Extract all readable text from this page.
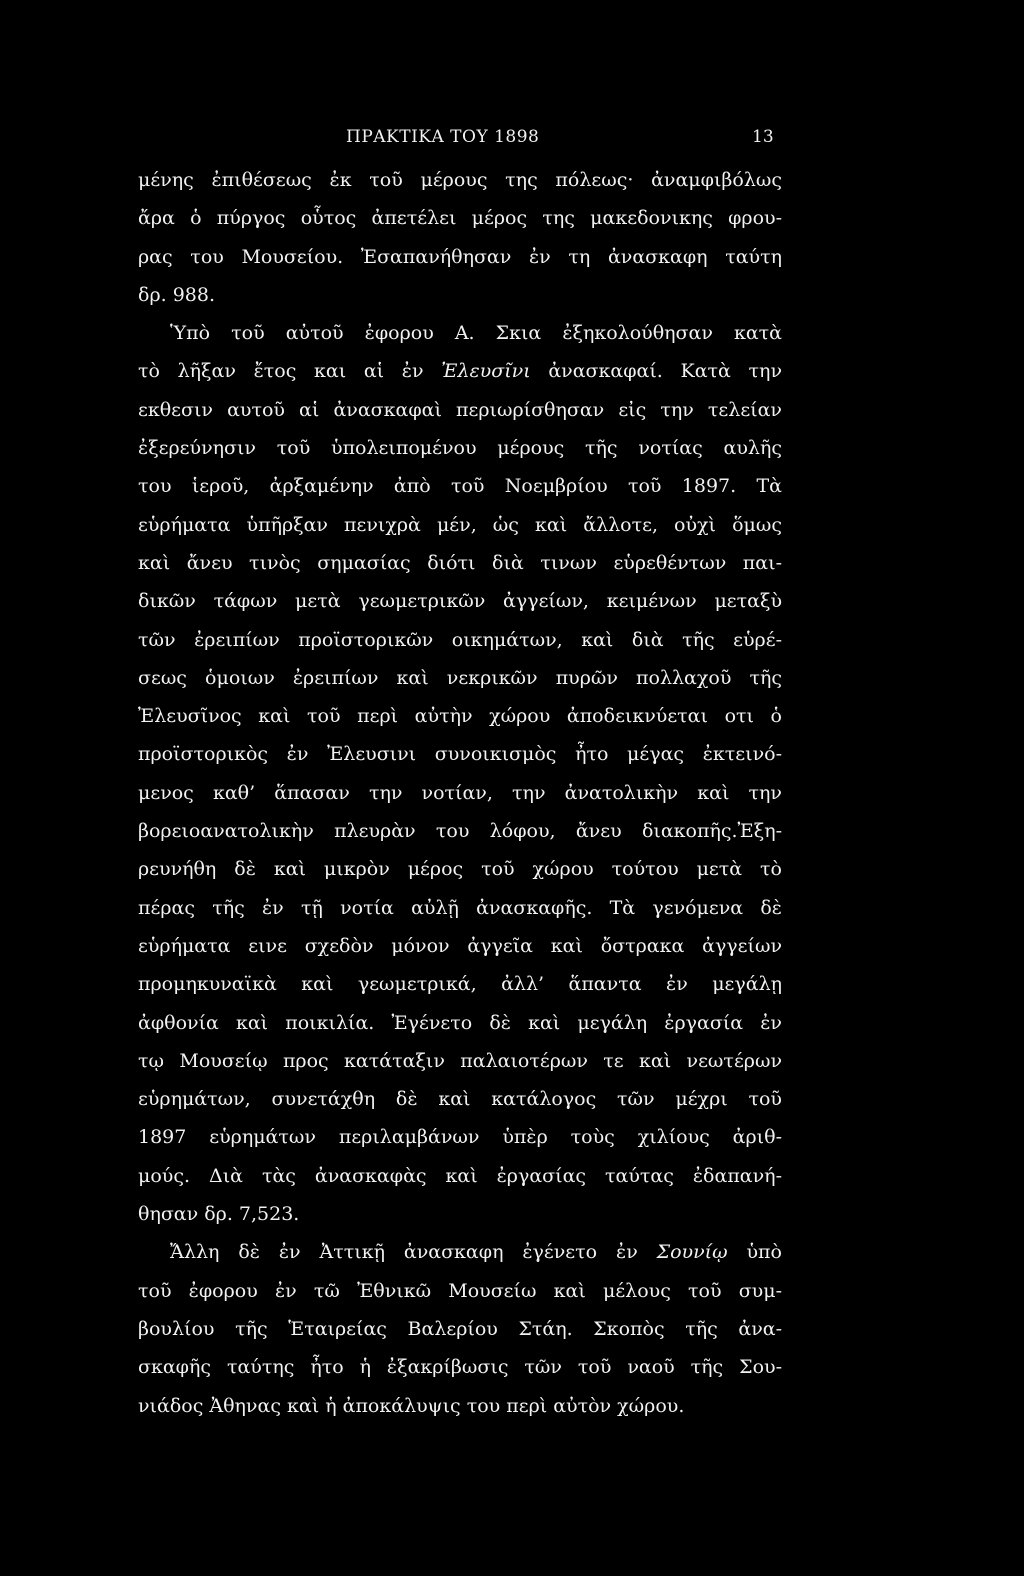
ΠΡΑΚΤΙΚΑ ΤΟΥ 1898	13
μένης ἐπιθέσεως ἐκ τοῦ μέρους της πόλεως· ἀναμφιβόλως
ἄρα ὁ πύργος οὗτος ἀπετέλει μέρος της μακεδονικης φρου-
ρας του Μουσείου. Ἐσαπανήθησαν ἐν τη ἀνασκαφη ταύτη
δρ. 988.
Ὑπὸ τοῦ αὐτοῦ ἐφορου Α. Σκια ἐξηκολούθησαν κατὰ
τὸ λῆξαν ἔτος και αἱ ἐν Ἐλευσῖνι ἀνασκαφαί. Κατὰ την
εκθεσιν αυτοῦ αἱ ἀνασκαφαὶ περιωρίσθησαν εἰς την τελείαν
ἐξερεύνησιν τοῦ ὑπολειπομένου μέρους τῆς νοτίας αυλῆς
του ἱεροῦ, ἀρξαμένην ἀπὸ τοῦ Νοεμβρίου τοῦ 1897. Τὰ
εὑρήματα ὑπῆρξαν πενιχρὰ μέν, ὡς καὶ ἄλλοτε, οὐχὶ ὅμως
καὶ ἄνευ τινὸς σημασίας διότι διὰ τινων εὑρεθέντων παι-
δικῶν τάφων μετὰ γεωμετρικῶν ἀγγείων, κειμένων μεταξὺ
τῶν ἐρειπίων προϊστορικῶν οικημάτων, καὶ διὰ τῆς εὑρέ-
σεως ὁμοιων ἐρειπίων καὶ νεκρικῶν πυρῶν πολλαχοῦ τῆς
Ἐλευσῖνος καὶ τοῦ περὶ αὐτὴν χώρου ἀποδεικνύεται οτι ὁ
προϊστορικὸς ἐν Ἐλευσινι συνοικισμὸς ἦτο μέγας ἐκτεινό-
μενος καθ’ ἅπασαν την νοτίαν, την ἀνατολικὴν καὶ την
βορειοανατολικὴν πλευρὰν του λόφου, ἄνευ διακοπῆς.Ἐξη-
ρευνήθη δὲ καὶ μικρὸν μέρος τοῦ χώρου τούτου μετὰ τὸ
πέρας τῆς ἐν τῇ νοτία αὐλῇ ἀνασκαφῆς. Τὰ γενόμενα δὲ
εὑρήματα εινε σχεδὸν μόνον ἀγγεῖα καὶ ὄστρακα ἀγγείων
προμηκυναϊκὰ καὶ γεωμετρικά, ἀλλ’ ἅπαντα ἐν μεγάλῃ
ἀφθονία καὶ ποικιλία. Ἐγένετο δὲ καὶ μεγάλη ἐργασία ἐν
τῳ Μουσείῳ προς κατάταξιν παλαιοτέρων τε καὶ νεωτέρων
εὑρημάτων, συνετάχθη δὲ καὶ κατάλογος τῶν μέχρι τοῦ
1897 εὑρημάτων περιλαμβάνων ὑπὲρ τοὺς χιλίους ἀριθ-
μούς. Διὰ τὰς ἀνασκαφὰς καὶ ἐργασίας ταύτας ἐδαπανή-
θησαν δρ. 7,523.
Ἄλλη δὲ ἐν Ἀττικῇ ἀνασκαφη ἐγένετο ἐν Σουνίῳ ὑπὸ
τοῦ ἐφορου ἐν τῶ Ἐθνικῶ Μουσείω καὶ μέλους τοῦ συμ-
βουλίου τῆς Ἑταιρείας Βαλερίου Στάη. Σκοπὸς τῆς ἀνα-
σκαφῆς ταύτης ἦτο ἡ ἐξακρίβωσις τῶν τοῦ ναοῦ τῆς Σου-
νιάδος Ἀθηνας καὶ ἡ ἀποκάλυψις του περὶ αὐτὸν χώρου.
